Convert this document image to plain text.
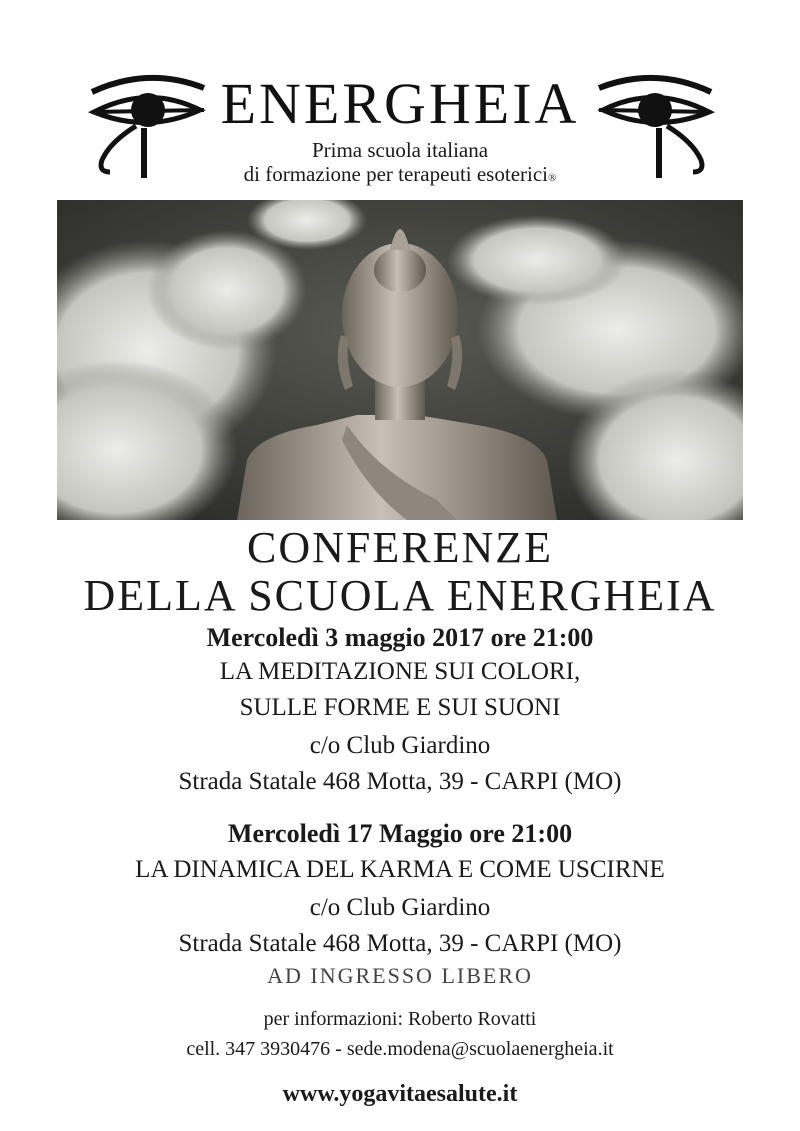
ENERGHEIA
Prima scuola italiana
di formazione per terapeuti esoterici®
CONFERENZE
DELLA SCUOLA ENERGHEIA
Mercoledì 3 maggio 2017 ore 21:00
LA MEDITAZIONE SUI COLORI,
SULLE FORME E SUI SUONI
c/o Club Giardino
Strada Statale 468 Motta, 39 - CARPI (MO)
Mercoledì 17 Maggio ore 21:00
LA DINAMICA DEL KARMA E COME USCIRNE
c/o Club Giardino
Strada Statale 468 Motta, 39 - CARPI (MO)
AD INGRESSO LIBERO
per informazioni: Roberto Rovatti
cell. 347 3930476 - sede.modena@scuolaenergheia.it
www.yogavitaesalute.it
